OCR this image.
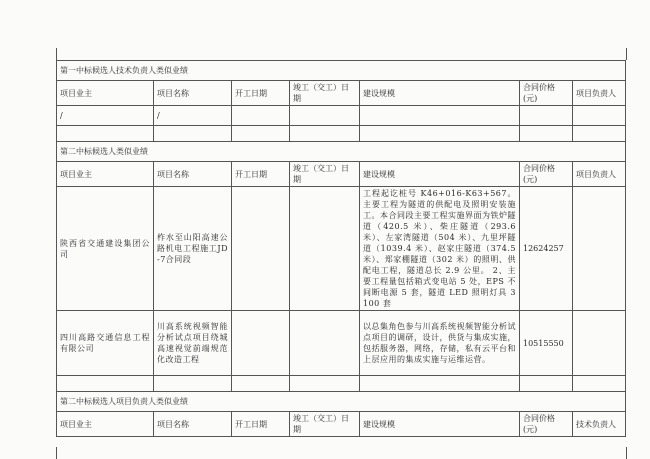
第一中标候选人技术负责人类似业绩						
项目业主	项目名称	开工日期	竣工（交工）日期	建设规模	合同价格(元)	项目负责人
/	/					

第二中标候选人类似业绩						
项目业主	项目名称	开工日期	竣工（交工）日期	建设规模	合同价格(元)	项目负责人
陕西省交通建设集团公司	柞水至山阳高速公路机电工程施工JD-7合同段			工程起讫桩号 K46+016-K63+567。主要工程为隧道的供配电及照明安装施工。本合同段主要工程实施界面为铁炉隧道（420.5 米）、柴庄隧道（293.6 米）、左家湾隧道（504 米）、九里坪隧道（1039.4 米）、赵家庄隧道（374.5米）、郑家棚隧道（302 米）的照明、供配电工程，隧道总长 2.9 公里。 2、主要工程量包括箱式变电站 5 处，EPS 不间断电源 5 套，隧道 LED 照明灯具 3100 套	12624257	
四川高路交通信息工程有限公司	川高系统视频智能分析试点项目绕城高速视觉前端规范化改造工程			以总集角色参与川高系统视频智能分析试点项目的调研，设计，供货与集成实施，包括服务器，网络，存储，私有云平台和上层应用的集成实施与运维运营。	10515550	

第二中标候选人项目负责人类似业绩						
项目业主	项目名称	开工日期	竣工（交工）日期	建设规模	合同价格(元)	技术负责人
